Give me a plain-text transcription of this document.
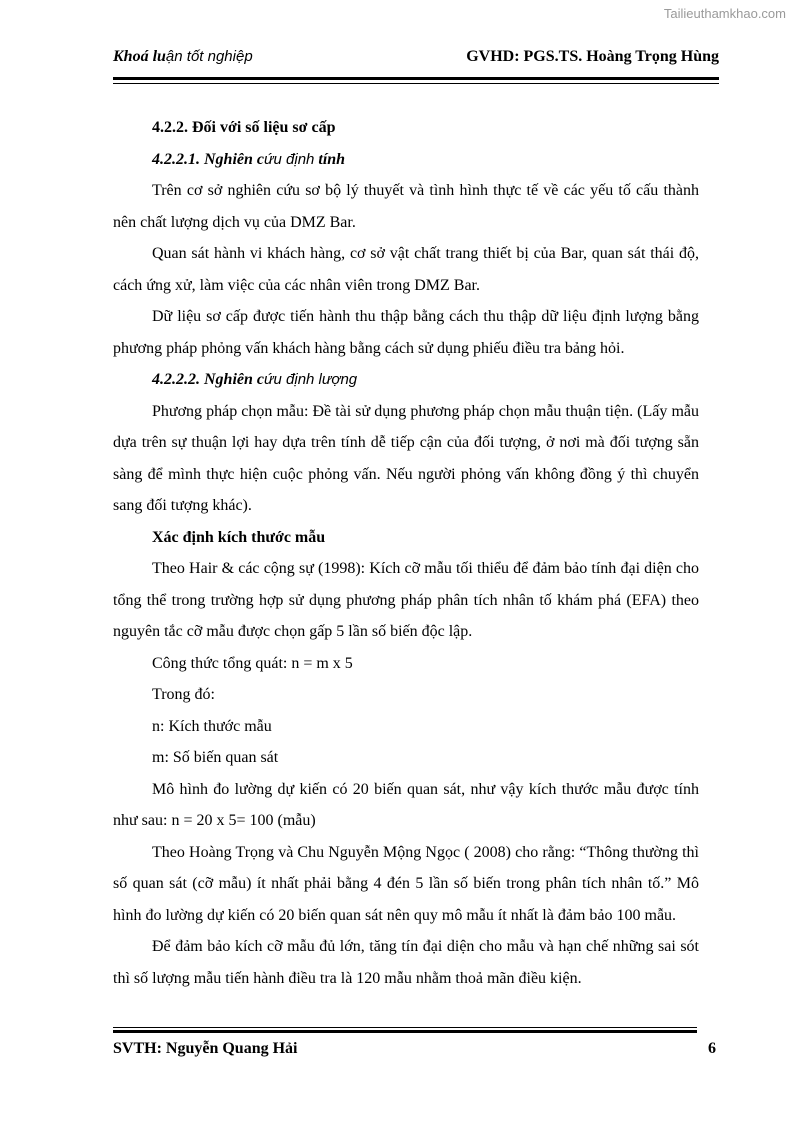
Tailieuthamkhao.com
Khoá luận tốt nghiệp	GVHD: PGS.TS. Hoàng Trọng Hùng

4.2.2. Đối với số liệu sơ cấp

4.2.2.1. Nghiên cứu định tính

Trên cơ sở nghiên cứu sơ bộ lý thuyết và tình hình thực tế về các yếu tố cấu thành nên chất lượng dịch vụ của DMZ Bar.

Quan sát hành vi khách hàng, cơ sở vật chất trang thiết bị của Bar, quan sát thái độ, cách ứng xử, làm việc của các nhân viên trong DMZ Bar.

Dữ liệu sơ cấp được tiến hành thu thập bằng cách thu thập dữ liệu định lượng bằng phương pháp phỏng vấn khách hàng bằng cách sử dụng phiếu điều tra bảng hỏi.

4.2.2.2. Nghiên cứu định lượng

Phương pháp chọn mẫu: Đề tài sử dụng phương pháp chọn mẫu thuận tiện. (Lấy mẫu dựa trên sự thuận lợi hay dựa trên tính dễ tiếp cận của đối tượng, ở nơi mà đối tượng sẵn sàng để mình thực hiện cuộc phỏng vấn. Nếu người phỏng vấn không đồng ý thì chuyển sang đối tượng khác).

Xác định kích thước mẫu

Theo Hair & các cộng sự (1998): Kích cỡ mẫu tối thiểu để đảm bảo tính đại diện cho tổng thể trong trường hợp sử dụng phương pháp phân tích nhân tố khám phá (EFA) theo nguyên tắc cỡ mẫu được chọn gấp 5 lần số biến độc lập.

Công thức tổng quát: n = m x 5

Trong đó:

n: Kích thước mẫu

m: Số biến quan sát

Mô hình đo lường dự kiến có 20 biến quan sát, như vậy kích thước mẫu được tính như sau: n = 20 x 5= 100 (mẫu)

Theo Hoàng Trọng và Chu Nguyễn Mộng Ngọc ( 2008) cho rằng: “Thông thường thì số quan sát (cỡ mẫu) ít nhất phải bằng 4 đén 5 lần số biến trong phân tích nhân tố.” Mô hình đo lường dự kiến có 20 biến quan sát nên quy mô mẫu ít nhất là đảm bảo 100 mẫu.

Để đảm bảo kích cỡ mẫu đủ lớn, tăng tín đại diện cho mẫu và hạn chế những sai sót thì số lượng mẫu tiến hành điều tra là 120 mẫu nhằm thoả mãn điều kiện.

SVTH: Nguyễn Quang Hải	6
